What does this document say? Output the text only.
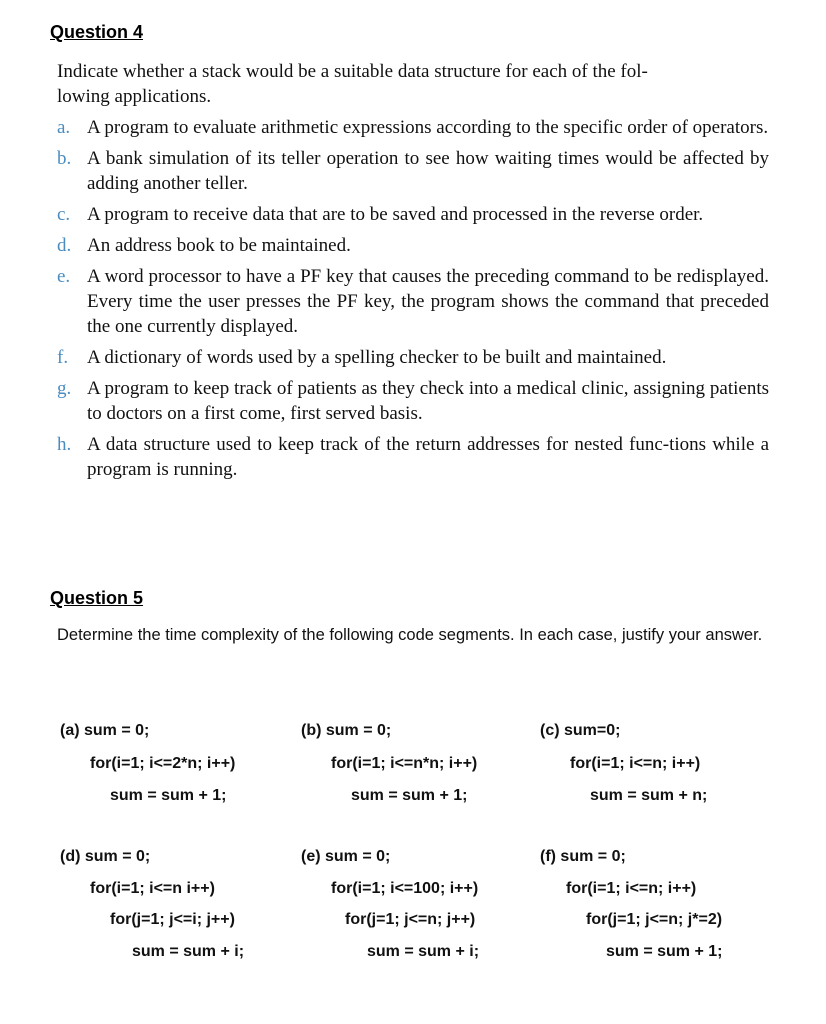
Question 4
Indicate whether a stack would be a suitable data structure for each of the fol-
lowing applications.
a. A program to evaluate arithmetic expressions according to the specific order of operators.
b. A bank simulation of its teller operation to see how waiting times would be affected by adding another teller.
c. A program to receive data that are to be saved and processed in the reverse order.
d. An address book to be maintained.
e. A word processor to have a PF key that causes the preceding command to be redisplayed. Every time the user presses the PF key, the program shows the command that preceded the one currently displayed.
f. A dictionary of words used by a spelling checker to be built and maintained.
g. A program to keep track of patients as they check into a medical clinic, assigning patients to doctors on a first come, first served basis.
h. A data structure used to keep track of the return addresses for nested func-tions while a program is running.
Question 5
Determine the time complexity of the following code segments. In each case, justify your answer.
(a) sum = 0;
for(i=1; i<=2*n; i++)
sum = sum + 1;
(b) sum = 0;
for(i=1; i<=n*n; i++)
sum = sum + 1;
(c) sum=0;
for(i=1; i<=n; i++)
sum = sum + n;
(d) sum = 0;
for(i=1; i<=n i++)
for(j=1; j<=i; j++)
sum = sum + i;
(e) sum = 0;
for(i=1; i<=100; i++)
for(j=1; j<=n; j++)
sum = sum + i;
(f) sum = 0;
for(i=1; i<=n; i++)
for(j=1; j<=n; j*=2)
sum = sum + 1;
